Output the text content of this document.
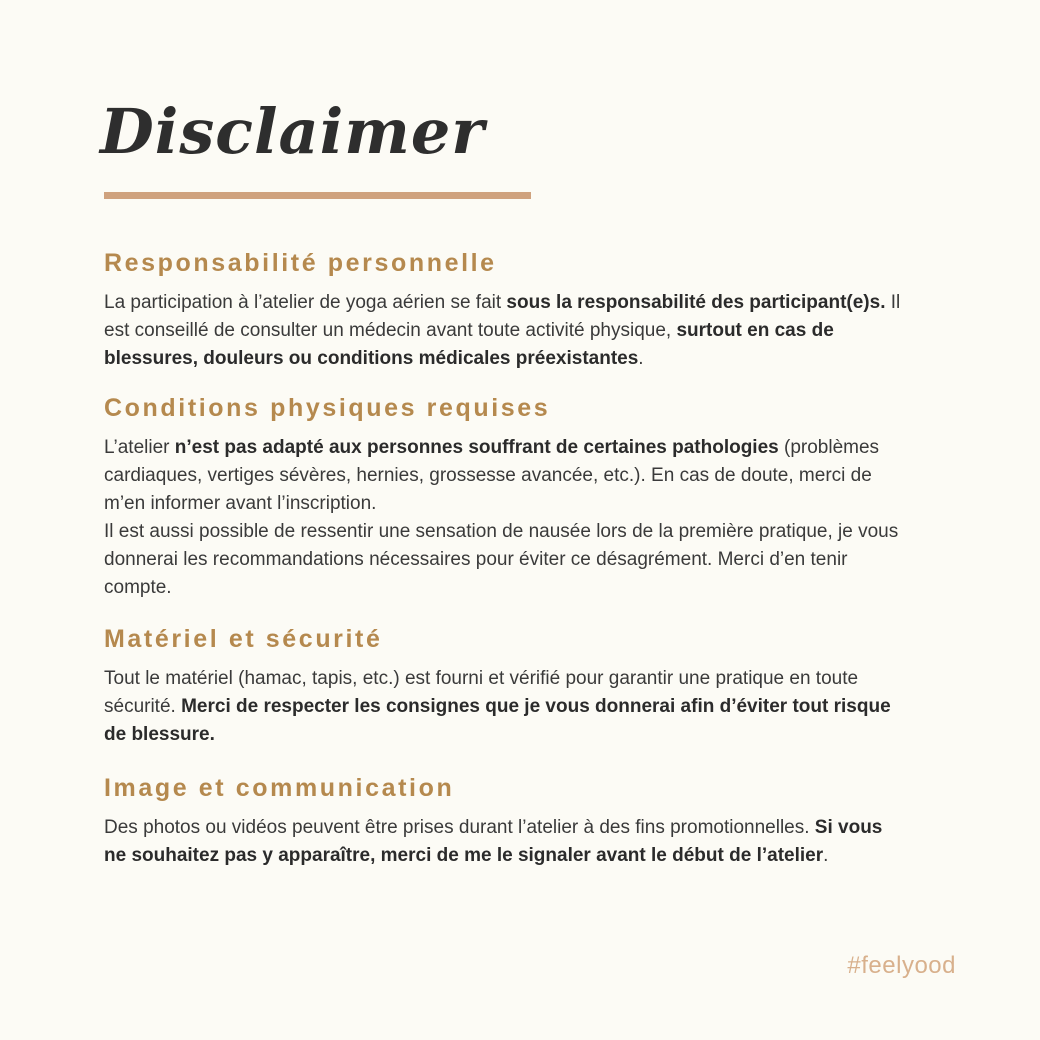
Disclaimer
Responsabilité personnelle

La participation à l’atelier de yoga aérien se fait sous la responsabilité des participant(e)s. Il est conseillé de consulter un médecin avant toute activité physique, surtout en cas de blessures, douleurs ou conditions médicales préexistantes.

Conditions physiques requises

L’atelier n’est pas adapté aux personnes souffrant de certaines pathologies (problèmes cardiaques, vertiges sévères, hernies, grossesse avancée, etc.). En cas de doute, merci de m’en informer avant l’inscription.
Il est aussi possible de ressentir une sensation de nausée lors de la première pratique, je vous donnerai les recommandations nécessaires pour éviter ce désagrément. Merci d’en tenir compte.

Matériel et sécurité

Tout le matériel (hamac, tapis, etc.) est fourni et vérifié pour garantir une pratique en toute sécurité. Merci de respecter les consignes que je vous donnerai afin d’éviter tout risque de blessure.

Image et communication

Des photos ou vidéos peuvent être prises durant l’atelier à des fins promotionnelles. Si vous ne souhaitez pas y apparaître, merci de me le signaler avant le début de l’atelier.

#feelyood
